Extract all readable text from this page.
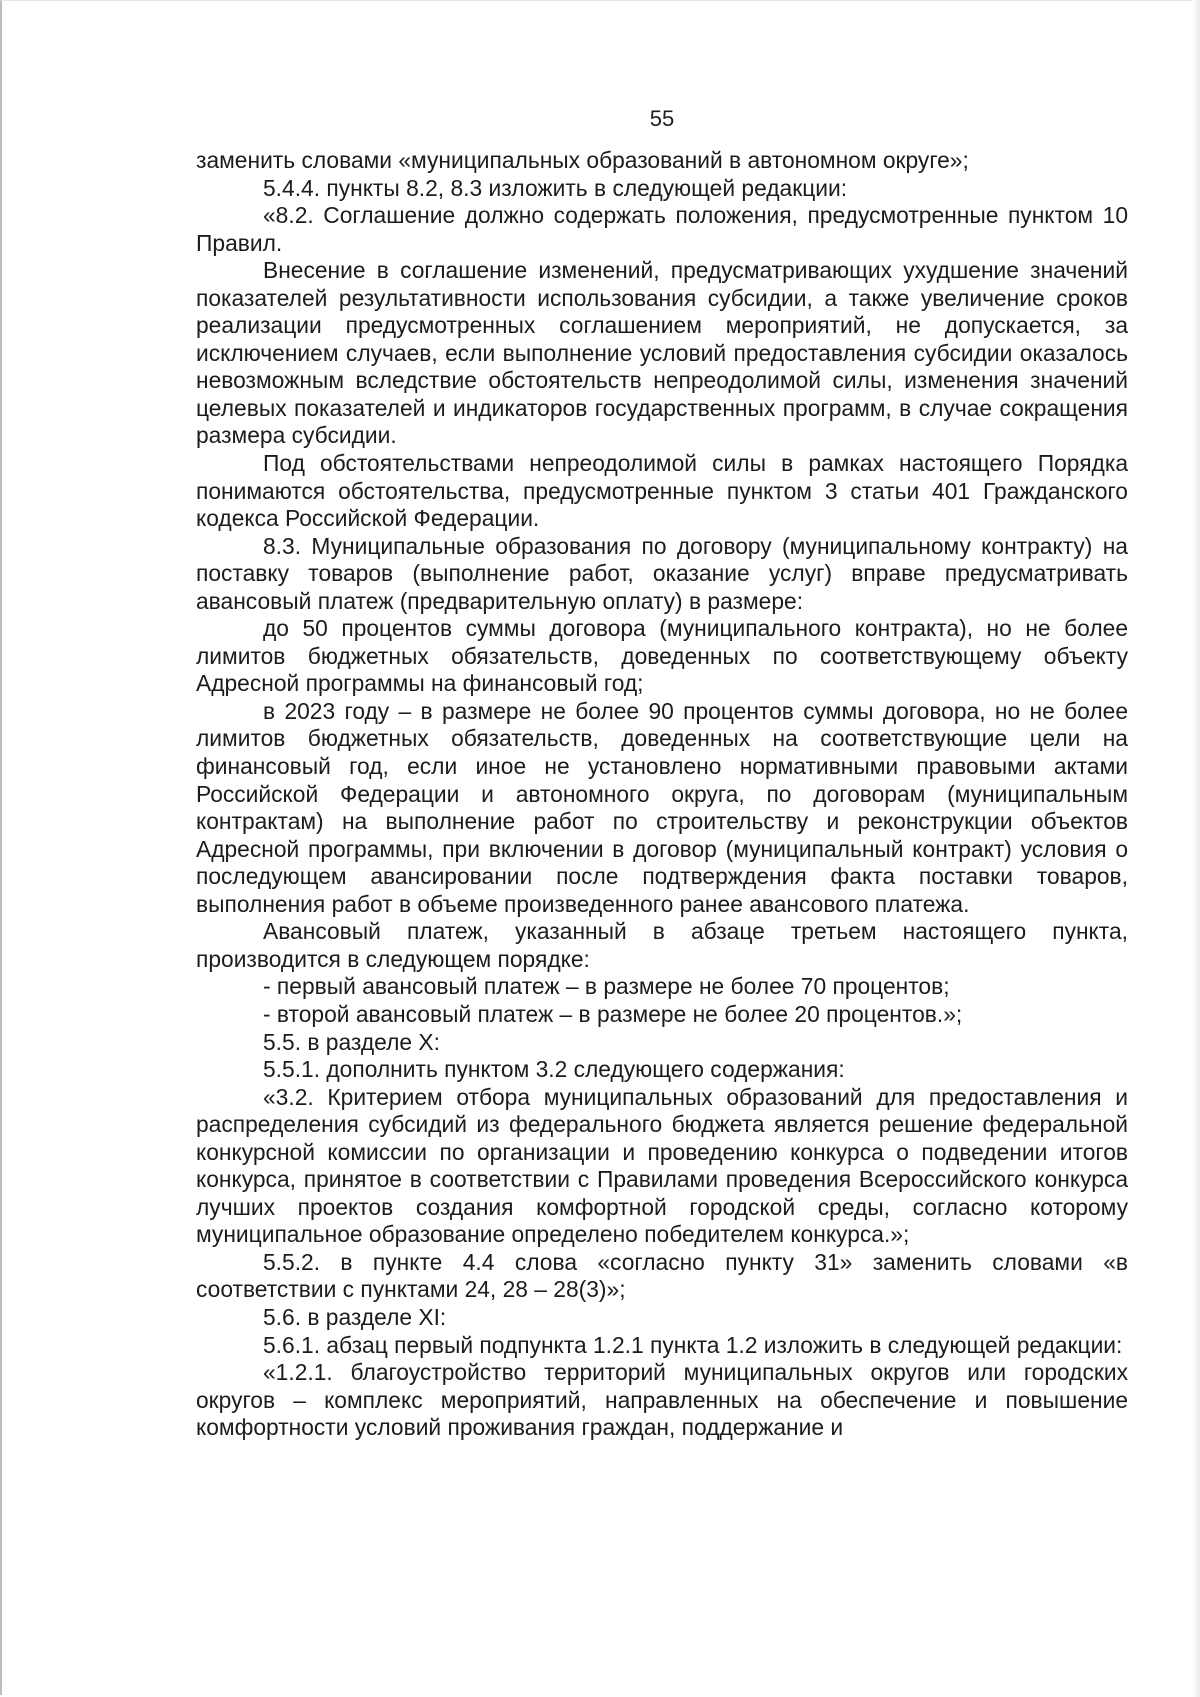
55

заменить словами «муниципальных образований в автономном округе»;

5.4.4. пункты 8.2, 8.3 изложить в следующей редакции:

«8.2. Соглашение должно содержать положения, предусмотренные пунктом 10 Правил.

Внесение в соглашение изменений, предусматривающих ухудшение значений показателей результативности использования субсидии, а также увеличение сроков реализации предусмотренных соглашением мероприятий, не допускается, за исключением случаев, если выполнение условий предоставления субсидии оказалось невозможным вследствие обстоятельств непреодолимой силы, изменения значений целевых показателей и индикаторов государственных программ, в случае сокращения размера субсидии.

Под обстоятельствами непреодолимой силы в рамках настоящего Порядка понимаются обстоятельства, предусмотренные пунктом 3 статьи 401 Гражданского кодекса Российской Федерации.

8.3. Муниципальные образования по договору (муниципальному контракту) на поставку товаров (выполнение работ, оказание услуг) вправе предусматривать авансовый платеж (предварительную оплату) в размере:

до 50 процентов суммы договора (муниципального контракта), но не более лимитов бюджетных обязательств, доведенных по соответствующему объекту Адресной программы на финансовый год;

в 2023 году – в размере не более 90 процентов суммы договора, но не более лимитов бюджетных обязательств, доведенных на соответствующие цели на финансовый год, если иное не установлено нормативными правовыми актами Российской Федерации и автономного округа, по договорам (муниципальным контрактам) на выполнение работ по строительству и реконструкции объектов Адресной программы, при включении в договор (муниципальный контракт) условия о последующем авансировании после подтверждения факта поставки товаров, выполнения работ в объеме произведенного ранее авансового платежа.

Авансовый платеж, указанный в абзаце третьем настоящего пункта, производится в следующем порядке:

- первый авансовый платеж – в размере не более 70 процентов;

- второй авансовый платеж – в размере не более 20 процентов.»;

5.5. в разделе X:

5.5.1. дополнить пунктом 3.2 следующего содержания:

«3.2. Критерием отбора муниципальных образований для предоставления и распределения субсидий из федерального бюджета является решение федеральной конкурсной комиссии по организации и проведению конкурса о подведении итогов конкурса, принятое в соответствии с Правилами проведения Всероссийского конкурса лучших проектов создания комфортной городской среды, согласно которому муниципальное образование определено победителем конкурса.»;

5.5.2. в пункте 4.4 слова «согласно пункту 31» заменить словами «в соответствии с пунктами 24, 28 – 28(3)»;

5.6. в разделе XI:

5.6.1. абзац первый подпункта 1.2.1 пункта 1.2 изложить в следующей редакции:

«1.2.1. благоустройство территорий муниципальных округов или городских округов – комплекс мероприятий, направленных на обеспечение и повышение комфортности условий проживания граждан, поддержание и
